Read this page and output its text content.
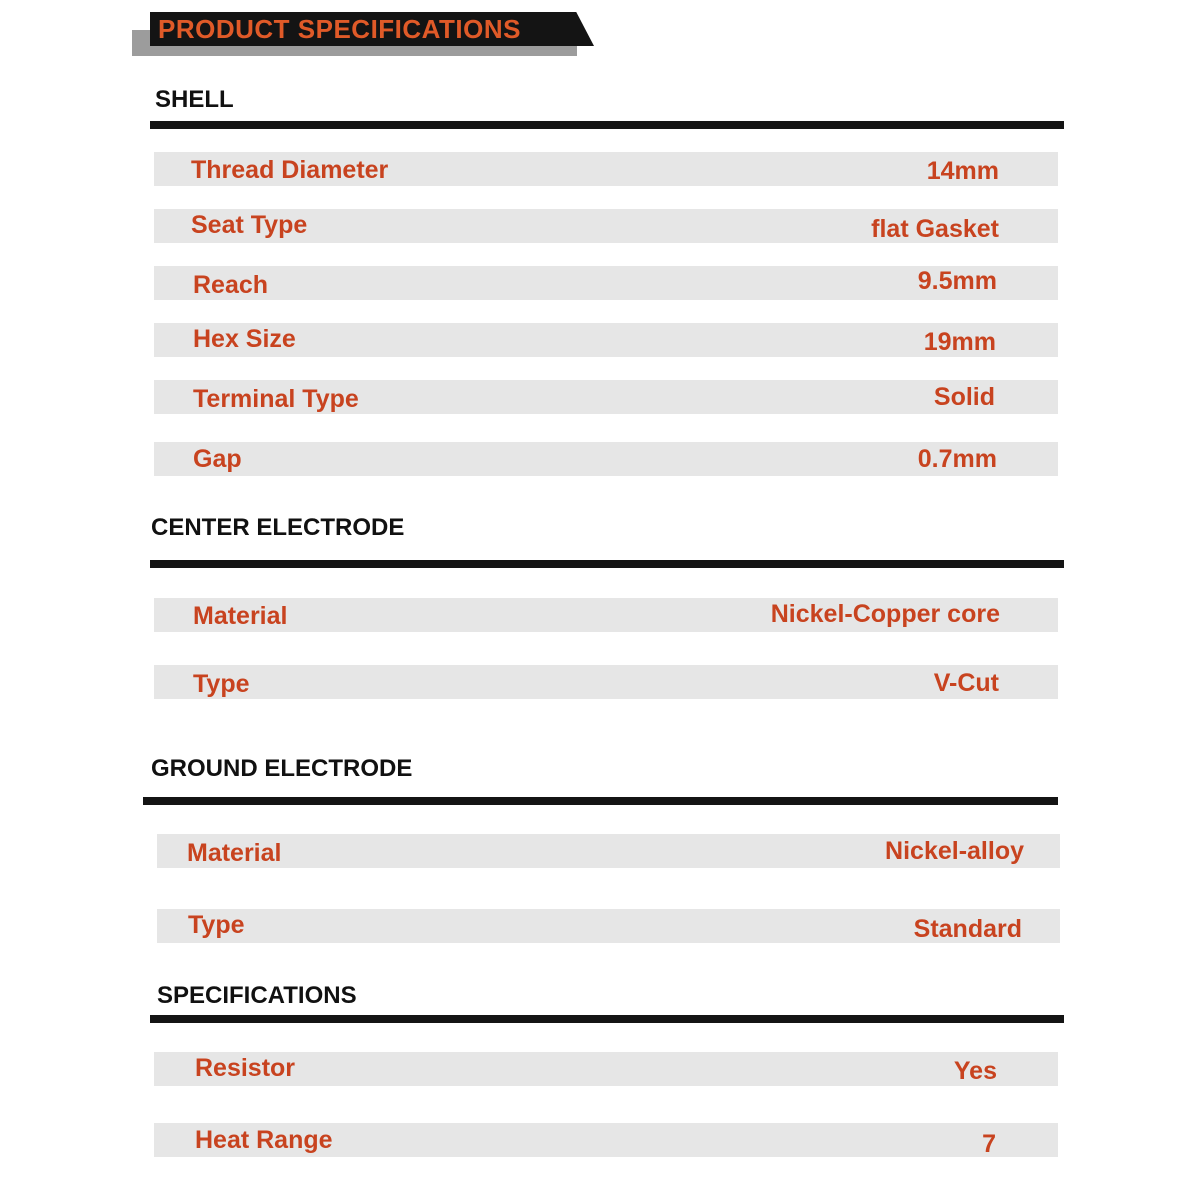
PRODUCT SPECIFICATIONS
SHELL
Thread Diameter	14mm
Seat Type	flat Gasket
Reach	9.5mm
Hex Size	19mm
Terminal Type	Solid
Gap	0.7mm
CENTER ELECTRODE
Material	Nickel-Copper core
Type	V-Cut
GROUND ELECTRODE
Material	Nickel-alloy
Type	Standard
SPECIFICATIONS
Resistor	Yes
Heat Range	7
